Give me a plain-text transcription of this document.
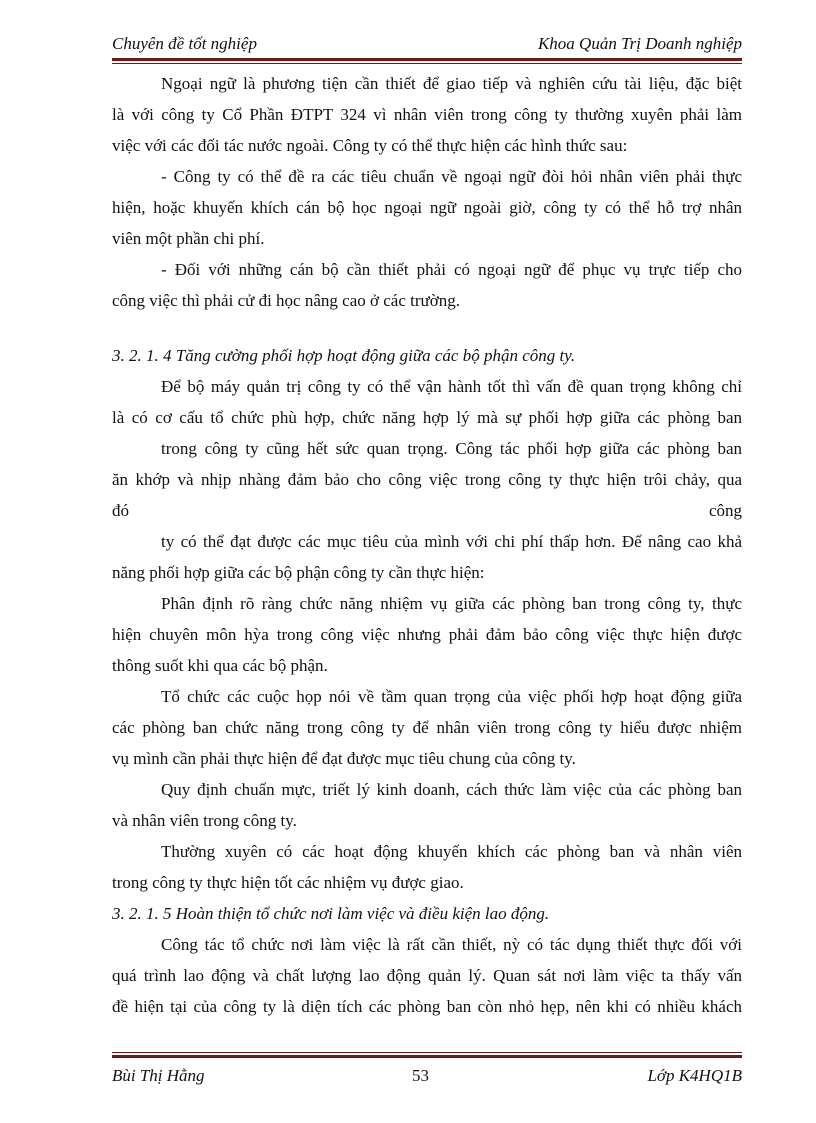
Chuyên đề tốt nghiệp	Khoa Quản Trị Doanh nghiệp
Ngoại ngữ là phương tiện cần thiết để giao tiếp và nghiên cứu tài liệu, đặc biệt
là với công ty Cổ Phần ĐTPT 324 vì nhân viên trong công ty thường xuyên phải làm
việc với các đối tác nước ngoài. Công ty có thể thực hiện các hình thức sau:
- Công ty có thể đề ra các tiêu chuẩn về ngoại ngữ đòi hỏi nhân viên phải thực
hiện, hoặc khuyến khích cán bộ học ngoại ngữ ngoài giờ, công ty có thể hỗ trợ nhân
viên một phần chi phí.
- Đối với những cán bộ cần thiết phải có ngoại ngữ để phục vụ trực tiếp cho
công việc thì phải cử đi học nâng cao ở các trường.
3. 2. 1. 4 Tăng cường phối hợp hoạt động giữa các bộ phận công ty.
Để bộ máy quản trị công ty có thể vận hành tốt thì vấn đề quan trọng không chỉ
là có cơ cấu tổ chức phù hợp, chức năng hợp lý mà sự phối hợp giữa các phòng ban
trong công ty cũng hết sức quan trọng. Công tác phối hợp giữa các phòng ban
ăn khớp và nhịp nhàng đảm bảo cho công việc trong công ty thực hiện trôi chảy, qua
đó	công
ty có thể đạt được các mục tiêu của mình với chi phí thấp hơn. Để nâng cao khả
năng phối hợp giữa các bộ phận công ty cần thực hiện:
Phân định rõ ràng chức năng nhiệm vụ giữa các phòng ban trong công ty, thực
hiện chuyên môn hỳa trong công việc nhưng phải đảm bảo công việc thực hiện được
thông suốt khi qua các bộ phận.
Tổ chức các cuộc họp nói về tầm quan trọng của việc phối hợp hoạt động giữa
các phòng ban chức năng trong công ty để nhân viên trong công ty hiểu được nhiệm
vụ mình cần phải thực hiện để đạt được mục tiêu chung của công ty.
Quy định chuẩn mực, triết lý kinh doanh, cách thức làm việc của các phòng ban
và nhân viên trong công ty.
Thường xuyên có các hoạt động khuyến khích các phòng ban và nhân viên
trong công ty thực hiện tốt các nhiệm vụ được giao.
3. 2. 1. 5 Hoàn thiện tổ chức nơi làm việc và điều kiện lao động.
Công tác tổ chức nơi làm việc là rất cần thiết, nỳ có tác dụng thiết thực đối với
quá trình lao động và chất lượng lao động quản lý. Quan sát nơi làm việc ta thấy vấn
đề hiện tại của công ty là diện tích các phòng ban còn nhỏ hẹp, nên khi có nhiều khách
Bùi Thị Hằng	53	Lớp K4HQ1B
